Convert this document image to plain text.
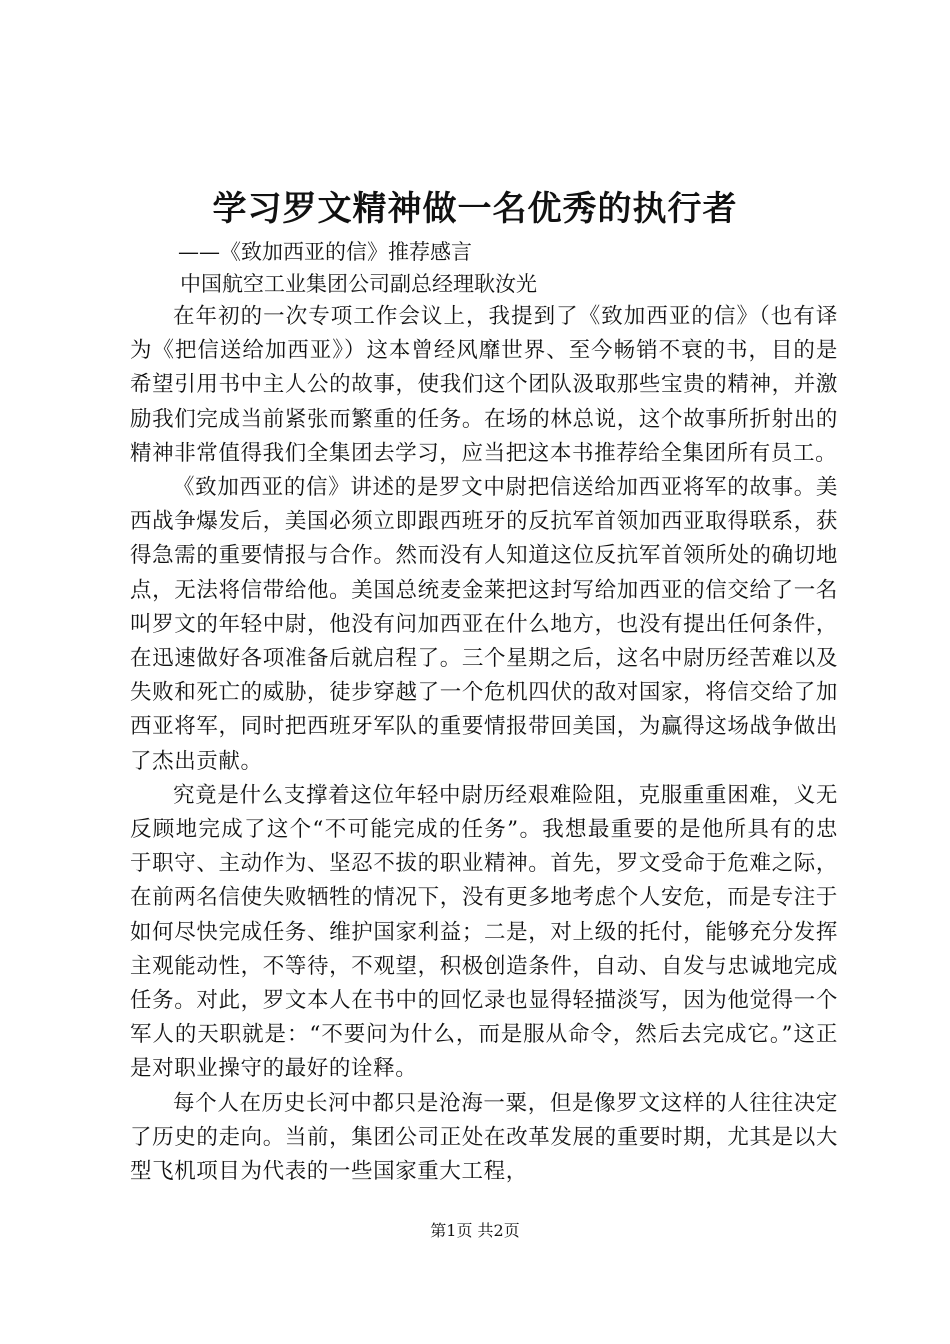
学习罗文精神做一名优秀的执行者

——《致加西亚的信》推荐感言

中国航空工业集团公司副总经理耿汝光

在年初的一次专项工作会议上，我提到了《致加西亚的信》（也有译为《把信送给加西亚》）这本曾经风靡世界、至今畅销不衰的书，目的是希望引用书中主人公的故事，使我们这个团队汲取那些宝贵的精神，并激励我们完成当前紧张而繁重的任务。在场的林总说，这个故事所折射出的精神非常值得我们全集团去学习，应当把这本书推荐给全集团所有员工。

《致加西亚的信》讲述的是罗文中尉把信送给加西亚将军的故事。美西战争爆发后，美国必须立即跟西班牙的反抗军首领加西亚取得联系，获得急需的重要情报与合作。然而没有人知道这位反抗军首领所处的确切地点，无法将信带给他。美国总统麦金莱把这封写给加西亚的信交给了一名叫罗文的年轻中尉，他没有问加西亚在什么地方，也没有提出任何条件，在迅速做好各项准备后就启程了。三个星期之后，这名中尉历经苦难以及失败和死亡的威胁，徒步穿越了一个危机四伏的敌对国家，将信交给了加西亚将军，同时把西班牙军队的重要情报带回美国，为赢得这场战争做出了杰出贡献。

究竟是什么支撑着这位年轻中尉历经艰难险阻，克服重重困难，义无反顾地完成了这个“不可能完成的任务”。我想最重要的是他所具有的忠于职守、主动作为、坚忍不拔的职业精神。首先，罗文受命于危难之际，在前两名信使失败牺牲的情况下，没有更多地考虑个人安危，而是专注于如何尽快完成任务、维护国家利益；二是，对上级的托付，能够充分发挥主观能动性，不等待，不观望，积极创造条件，自动、自发与忠诚地完成任务。对此，罗文本人在书中的回忆录也显得轻描淡写，因为他觉得一个军人的天职就是：“不要问为什么，而是服从命令，然后去完成它。”这正是对职业操守的最好的诠释。

每个人在历史长河中都只是沧海一粟，但是像罗文这样的人往往决定了历史的走向。当前，集团公司正处在改革发展的重要时期，尤其是以大型飞机项目为代表的一些国家重大工程，

第1页 共2页
